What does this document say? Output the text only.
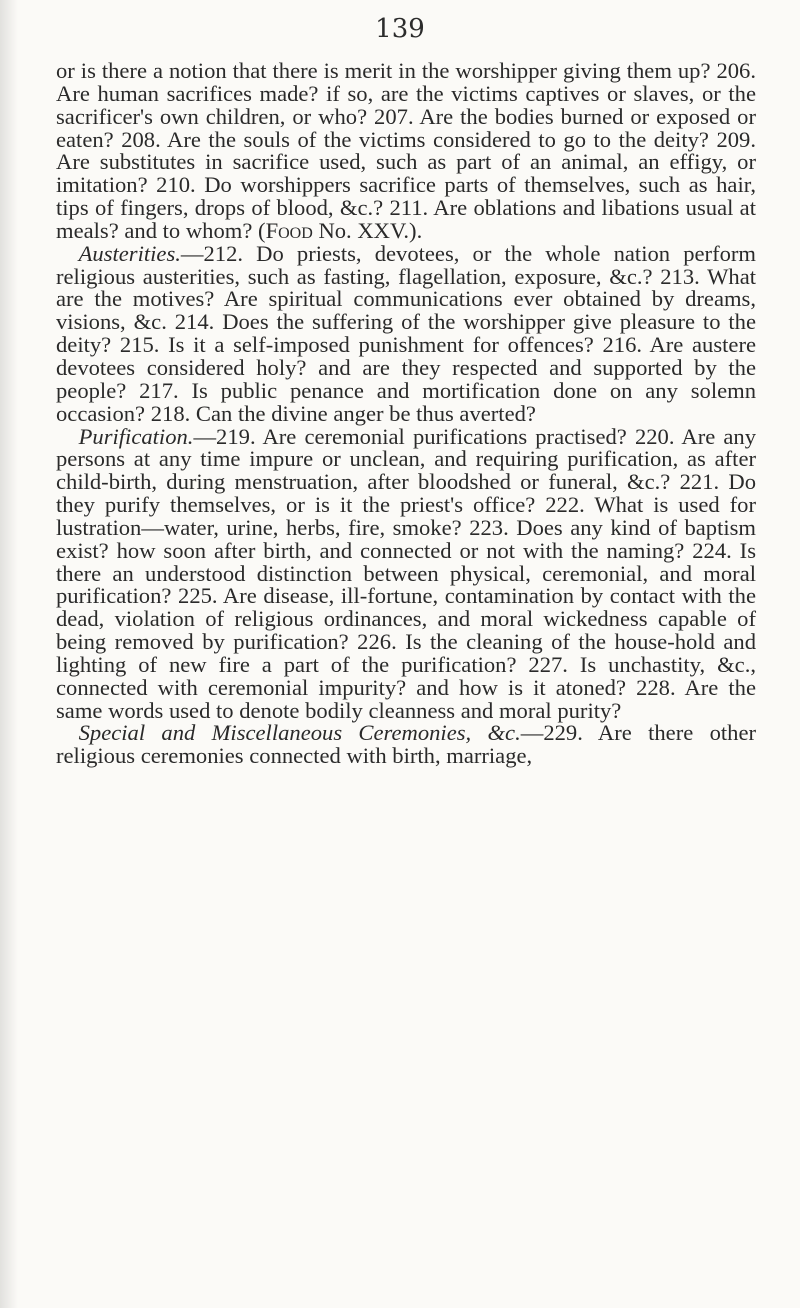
139

or is there a notion that there is merit in the worshipper giving them up? 206. Are human sacrifices made? if so, are the victims captives or slaves, or the sacrificer's own children, or who? 207. Are the bodies burned or exposed or eaten? 208. Are the souls of the victims considered to go to the deity? 209. Are substitutes in sacrifice used, such as part of an animal, an effigy, or imitation? 210. Do worshippers sacrifice parts of themselves, such as hair, tips of fingers, drops of blood, &c.? 211. Are oblations and libations usual at meals? and to whom? (Food No. XXV.).

Austerities.—212. Do priests, devotees, or the whole nation perform religious austerities, such as fasting, flagellation, exposure, &c.? 213. What are the motives? Are spiritual communications ever obtained by dreams, visions, &c. 214. Does the suffering of the worshipper give pleasure to the deity? 215. Is it a self-imposed punishment for offences? 216. Are austere devotees considered holy? and are they respected and supported by the people? 217. Is public penance and mortification done on any solemn occasion? 218. Can the divine anger be thus averted?

Purification.—219. Are ceremonial purifications practised? 220. Are any persons at any time impure or unclean, and requiring purification, as after child-birth, during menstruation, after bloodshed or funeral, &c.? 221. Do they purify themselves, or is it the priest's office? 222. What is used for lustration—water, urine, herbs, fire, smoke? 223. Does any kind of baptism exist? how soon after birth, and connected or not with the naming? 224. Is there an understood distinction between physical, ceremonial, and moral purification? 225. Are disease, ill-fortune, contamination by contact with the dead, violation of religious ordinances, and moral wickedness capable of being removed by purification? 226. Is the cleaning of the house-hold and lighting of new fire a part of the purification? 227. Is unchastity, &c., connected with ceremonial impurity? and how is it atoned? 228. Are the same words used to denote bodily cleanness and moral purity?

Special and Miscellaneous Ceremonies, &c.—229. Are there other religious ceremonies connected with birth, marriage,
